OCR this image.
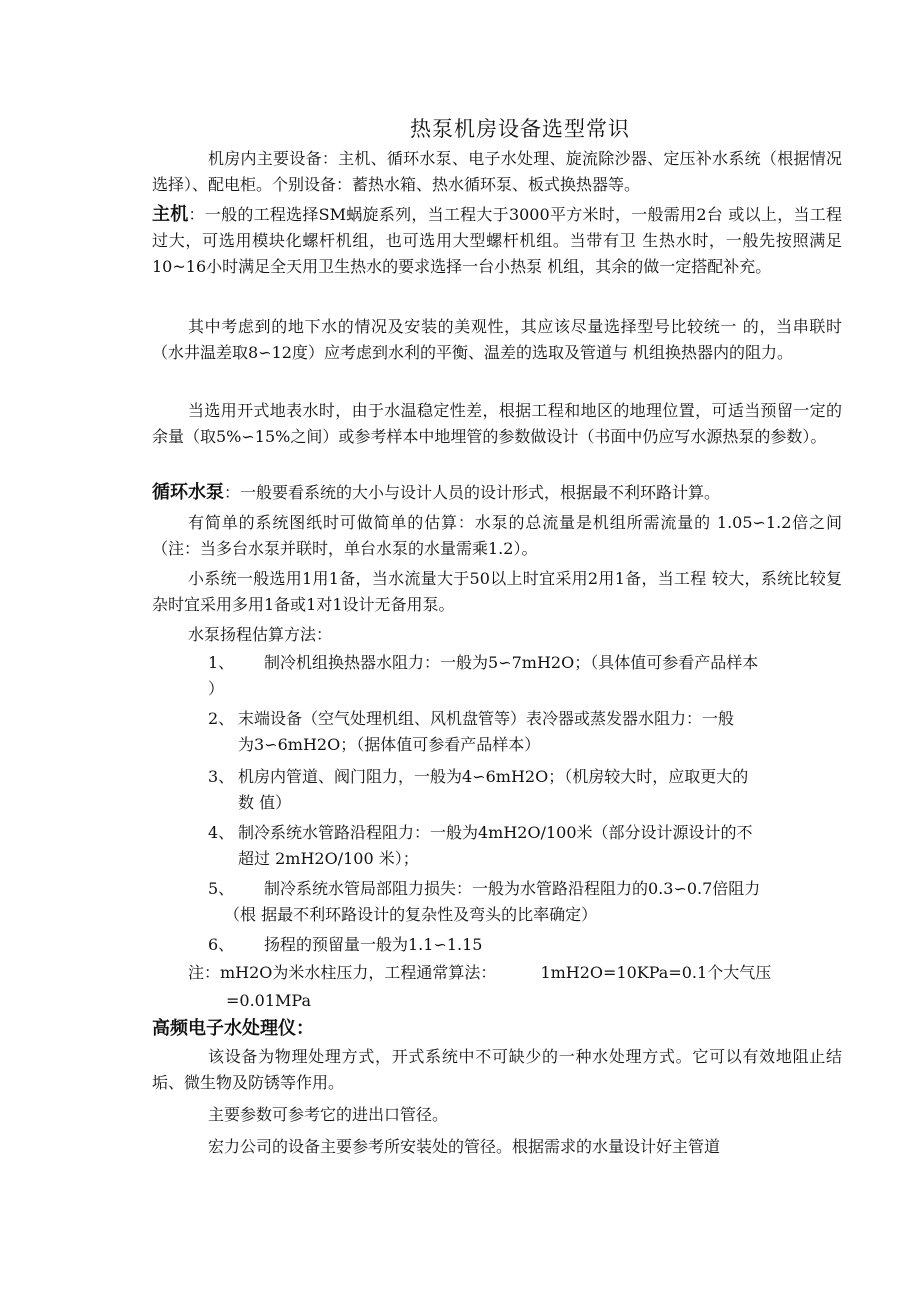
热泵机房设备选型常识
机房内主要设备：主机、循环水泵、电子水处理、旋流除沙器、定压补水系统（根据情况选择）、配电柜。个别设备：蓄热水箱、热水循环泵、板式换热器等。
主机：一般的工程选择SM蜗旋系列，当工程大于3000平方米时，一般需用2台 或以上，当工程过大，可选用模块化螺杆机组，也可选用大型螺杆机组。当带有卫 生热水时，一般先按照满足10~16小时满足全天用卫生热水的要求选择一台小热泵 机组，其余的做一定搭配补充。
其中考虑到的地下水的情况及安装的美观性，其应该尽量选择型号比较统一 的，当串联时（水井温差取8∽12度）应考虑到水利的平衡、温差的选取及管道与 机组换热器内的阻力。
当选用开式地表水时，由于水温稳定性差，根据工程和地区的地理位置，可适当预留一定的余量（取5%∽15%之间）或参考样本中地埋管的参数做设计（书面中仍应写水源热泵的参数）。
循环水泵：一般要看系统的大小与设计人员的设计形式，根据最不利环路计算。
有简单的系统图纸时可做简单的估算：水泵的总流量是机组所需流量的 1.05∽1.2倍之间（注：当多台水泵并联时，单台水泵的水量需乘1.2）。
小系统一般选用1用1备，当水流量大于50以上时宜采用2用1备，当工程 较大，系统比较复杂时宜采用多用1备或1对1设计无备用泵。
水泵扬程估算方法：
1、 制冷机组换热器水阻力：一般为5∽7mH2O；（具体值可参看产品样本
）
2、 末端设备（空气处理机组、风机盘管等）表冷器或蒸发器水阻力：一般
为3∽6mH2O；（据体值可参看产品样本）
3、 机房内管道、阀门阻力，一般为4∽6mH2O；（机房较大时，应取更大的
数 值）
4、 制冷系统水管路沿程阻力：一般为4mH2O/100米（部分设计源设计的不
超过 2mH2O/100 米）；
5、 制冷系统水管局部阻力损失：一般为水管路沿程阻力的0.3∽0.7倍阻力
（根 据最不利环路设计的复杂性及弯头的比率确定）
6、 扬程的预留量一般为1.1∽1.15
注：mH2O为米水柱压力，工程通常算法：	1mH2O=10KPa=0.1个大气压
=0.01MPa
高频电子水处理仪：
该设备为物理处理方式，开式系统中不可缺少的一种水处理方式。它可以有效地阻止结垢、微生物及防锈等作用。
主要参数可参考它的进出口管径。
宏力公司的设备主要参考所安装处的管径。根据需求的水量设计好主管道
